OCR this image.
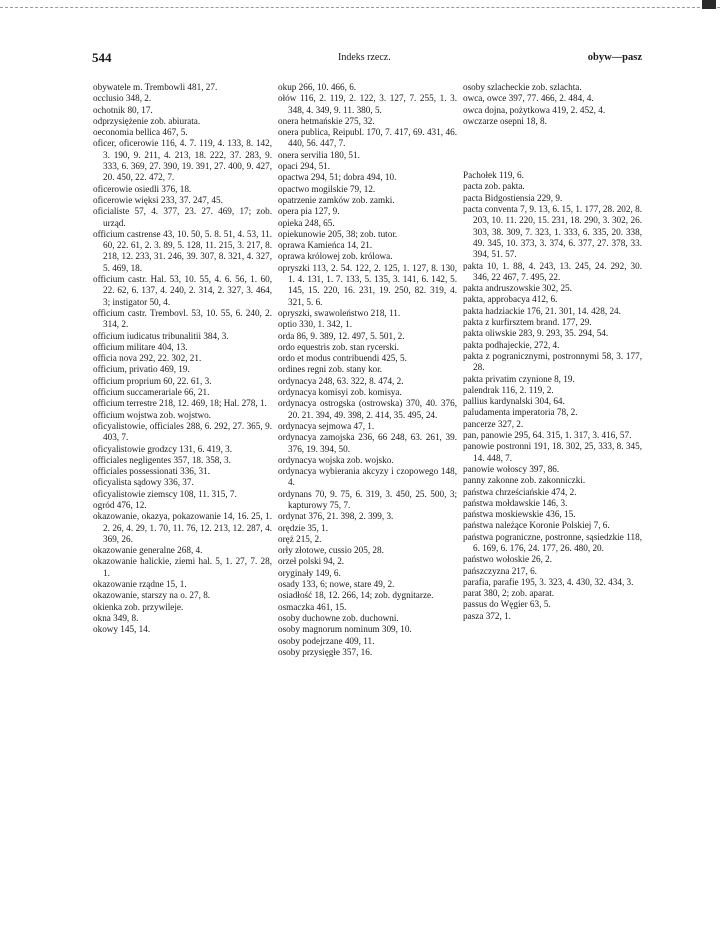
544	Indeks rzecz.	obyw—pasz

obywatele m. Trembowli 481, 27.

occlusio 348, 2.

ochotnik 80, 17.

odprzysiężenie zob. abiurata.

oeconomia bellica 467, 5.

oficer, oficerowie 116, 4. 7. 119, 4. 133, 8. 142, 3. 190, 9. 211, 4. 213, 18. 222, 37. 283, 9. 333, 6. 369, 27. 390, 19. 391, 27. 400, 9. 427, 20. 450, 22. 472, 7.

oficerowie osiedli 376, 18.

oficerowie więksi 233, 37. 247, 45.

oficialiste 57, 4. 377, 23. 27. 469, 17; zob. urząd.

officium castrense 43, 10. 50, 5. 8. 51, 4. 53, 11. 60, 22. 61, 2. 3. 89, 5. 128, 11. 215, 3. 217, 8. 218, 12. 233, 31. 246, 39. 307, 8. 321, 4. 327, 5. 469, 18.

officium castr. Hal. 53, 10. 55, 4. 6. 56, 1. 60, 22. 62, 6. 137, 4. 240, 2. 314, 2. 327, 3. 464, 3; instigator 50, 4.

officium castr. Trembovl. 53, 10. 55, 6. 240, 2. 314, 2.

officium iudicatus tribunalitii 384, 3.

officium militare 404, 13.

officia nova 292, 22. 302, 21.

officium, privatio 469, 19.

officium proprium 60, 22. 61, 3.

officium succamerariale 66, 21.

officium terrestre 218, 12. 469, 18; Hal. 278, 1.

officium wojstwa zob. wojstwo.

oficyalistowie, officiales 288, 6. 292, 27. 365, 9. 403, 7.

oficyalistowie grodzcy 131, 6. 419, 3.

officiales negligentes 357, 18. 358, 3.

officiales possessionati 336, 31.

oficyalista sądowy 336, 37.

oficyalistowie ziemscy 108, 11. 315, 7.

ogród 476, 12.

okazowanie, okazya, pokazowanie 14, 16. 25, 1. 2. 26, 4. 29, 1. 70, 11. 76, 12. 213, 12. 287, 4. 369, 26.

okazowanie generalne 268, 4.

okazowanie halickie, ziemi hal. 5, 1. 27, 7. 28, 1.

okazowanie rządne 15, 1.

okazowanie, starszy na o. 27, 8.

okienka zob. przywileje.

okna 349, 8.

okowy 145, 14.

okup 266, 10. 466, 6.

ołów 116, 2. 119, 2. 122, 3. 127, 7. 255, 1. 3. 348, 4. 349, 9. 11. 380, 5.

onera hetmańskie 275, 32.

onera publica, Reipubl. 170, 7. 417, 69. 431, 46. 440, 56. 447, 7.

onera servilia 180, 51.

opaci 294, 51.

opactwa 294, 51; dobra 494, 10.

opactwo mogilskie 79, 12.

opatrzenie zamków zob. zamki.

opera pia 127, 9.

opieka 248, 65.

opiekunowie 205, 38; zob. tutor.

oprawa Kamieńca 14, 21.

oprawa królowej zob. królowa.

opryszki 113, 2. 54. 122, 2. 125, 1. 127, 8. 130, 1. 4. 131, 1. 7. 133, 5. 135, 3. 141, 6. 142, 5. 145, 15. 220, 16. 231, 19. 250, 82. 319, 4. 321, 5. 6.

opryszki, swawoleństwo 218, 11.

optio 330, 1. 342, 1.

orda 86, 9. 389, 12. 497, 5. 501, 2.

ordo equestris zob. stan rycerski.

ordo et modus contribuendi 425, 5.

ordines regni zob. stany kor.

ordynacya 248, 63. 322, 8. 474, 2.

ordynacya komisyi zob. komisya.

ordynacya ostrogska (ostrowska) 370, 40. 376, 20. 21. 394, 49. 398, 2. 414, 35. 495, 24.

ordynacya sejmowa 47, 1.

ordynacya zamojska 236, 66 248, 63. 261, 39. 376, 19. 394, 50.

ordynacya wojska zob. wojsko.

ordynacya wybierania akcyzy i czopowego 148, 4.

ordynans 70, 9. 75, 6. 319, 3. 450, 25. 500, 3; kapturowy 75, 7.

ordynat 376, 21. 398, 2. 399, 3.

orędzie 35, 1.

oręż 215, 2.

orły złotowe, cussio 205, 28.

orzeł polski 94, 2.

oryginały 149, 6.

osady 133, 6; nowe, stare 49, 2.

osiadłość 18, 12. 266, 14; zob. dygnitarze.

osmaczka 461, 15.

osoby duchowne zob. duchowni.

osoby magnorum nominum 309, 10.

osoby podejrzane 409, 11.

osoby przysięgłe 357, 16.

osoby szlacheckie zob. szlachta.

owca, owce 397, 77. 466, 2. 484, 4.

owca dojna, pożytkowa 419, 2. 452, 4.

owczarze osepni 18, 8.

Pachołek 119, 6.

pacta zob. pakta.

pacta Bidgostiensia 229, 9.

pacta conventa 7, 9. 13, 6. 15, 1. 177, 28. 202, 8. 203, 10. 11. 220, 15. 231, 18. 290, 3. 302, 26. 303, 38. 309, 7. 323, 1. 333, 6. 335, 20. 338, 49. 345, 10. 373, 3. 374, 6. 377, 27. 378, 33. 394, 51. 57.

pakta 10, 1. 88, 4. 243, 13. 245, 24. 292, 30. 346, 22 467, 7. 495, 22.

pakta andruszowskie 302, 25.

pakta, approbacya 412, 6.

pakta hadziackie 176, 21. 301, 14. 428, 24.

pakta z kurfirsztem brand. 177, 29.

pakta oliwskie 283, 9. 293, 35. 294, 54.

pakta podhajeckie, 272, 4.

pakta z pogranicznymi, postronnymi 58, 3. 177, 28.

pakta privatim czynione 8, 19.

palendrak 116, 2. 119, 2.

pallius kardynalski 304, 64.

paludamenta imperatoria 78, 2.

pancerze 327, 2.

pan, panowie 295, 64. 315, 1. 317, 3. 416, 57.

panowie postronni 191, 18. 302, 25, 333, 8. 345, 14. 448, 7.

panowie wołoscy 397, 86.

panny zakonne zob. zakonniczki.

państwa chrześciańskie 474, 2.

państwa mołdawskie 146, 3.

państwa moskiewskie 436, 15.

państwa należące Koronie Polskiej 7, 6.

państwa pograniczne, postronne, sąsiedzkie 118, 6. 169, 6. 176, 24. 177, 26. 480, 20.

państwo wołoskie 26, 2.

pańszczyzna 217, 6.

parafia, parafie 195, 3. 323, 4. 430, 32. 434, 3.

parat 380, 2; zob. aparat.

passus do Węgier 63, 5.

pasza 372, 1.
